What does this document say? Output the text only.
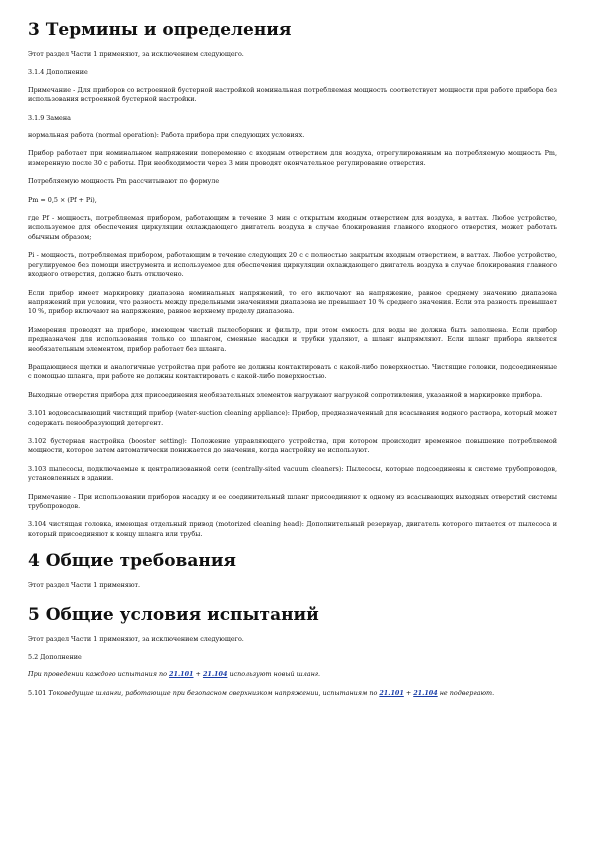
3 Термины и определения

Этот раздел Части 1 применяют, за исключением следующего.

3.1.4 Дополнение

Примечание - Для приборов со встроенной бустерной настройкой номинальная потребляемая мощность соответствует мощности при работе прибора без использования встроенной бустерной настройки.

3.1.9 Замена

нормальная работа (normal operation): Работа прибора при следующих условиях.

Прибор работает при номинальном напряжении попеременно с входным отверстием для воздуха, отрегулированным на потребляемую мощность Pm, измеренную после 30 с работы. При необходимости через 3 мин проводят окончательное регулирование отверстия.

Потребляемую мощность Pm рассчитывают по формуле

Pm = 0,5 × (Pf + Pi),

где Pf - мощность, потребляемая прибором, работающим в течение 3 мин с открытым входным отверстием для воздуха, в ваттах. Любое устройство, используемое для обеспечения циркуляции охлаждающего двигатель воздуха в случае блокирования главного входного отверстия, может работать обычным образом;

Pi - мощность, потребляемая прибором, работающим в течение следующих 20 с с полностью закрытым входным отверстием, в ваттах. Любое устройство, регулируемое без помощи инструмента и используемое для обеспечения циркуляции охлаждающего двигатель воздуха в случае блокирования главного входного отверстия, должно быть отключено.

Если прибор имеет маркировку диапазона номинальных напряжений, то его включают на напряжение, равное среднему значению диапазона напряжений при условии, что разность между предельными значениями диапазона не превышает 10 % среднего значения. Если эта разность превышает 10 %, прибор включают на напряжение, равное верхнему пределу диапазона.

Измерения проводят на приборе, имеющем чистый пылесборник и фильтр, при этом емкость для воды не должна быть заполнена. Если прибор предназначен для использования только со шлангом, сменные насадки и трубки удаляют, а шланг выпрямляют. Если шланг прибора является необязательным элементом, прибор работает без шланга.

Вращающиеся щетки и аналогичные устройства при работе не должны контактировать с какой-либо поверхностью. Чистящие головки, подсоединенные с помощью шланга, при работе не должны контактировать с какой-либо поверхностью.

Выходные отверстия прибора для присоединения необязательных элементов нагружают нагрузкой сопротивления, указанной в маркировке прибора.

3.101 водовсасывающий чистящий прибор (water-suction cleaning appliance): Прибор, предназначенный для всасывания водного раствора, который может содержать пенообразующий детергент.

3.102 бустерная настройка (booster setting): Положение управляющего устройства, при котором происходит временное повышение потребляемой мощности, которое затем автоматически понижается до значения, когда настройку не используют.

3.103 пылесосы, подключаемые к централизованной сети (centrally-sited vacuum cleaners): Пылесосы, которые подсоединены к системе трубопроводов, установленных в здании.

Примечание - При использовании приборов насадку и ее соединительный шланг присоединяют к одному из всасывающих выходных отверстий системы трубопроводов.

3.104 чистящая головка, имеющая отдельный привод (motorized cleaning head): Дополнительный резервуар, двигатель которого питается от пылесоса и который присоединяют к концу шланга или трубы.

4 Общие требования

Этот раздел Части 1 применяют.

5 Общие условия испытаний

Этот раздел Части 1 применяют, за исключением следующего.

5.2 Дополнение

При проведении каждого испытания по 21.101 + 21.104 используют новый шланг.

5.101 Токоведущие шланги, работающие при безопасном сверхнизком напряжении, испытаниям по 21.101 + 21.104 не подвергают.
